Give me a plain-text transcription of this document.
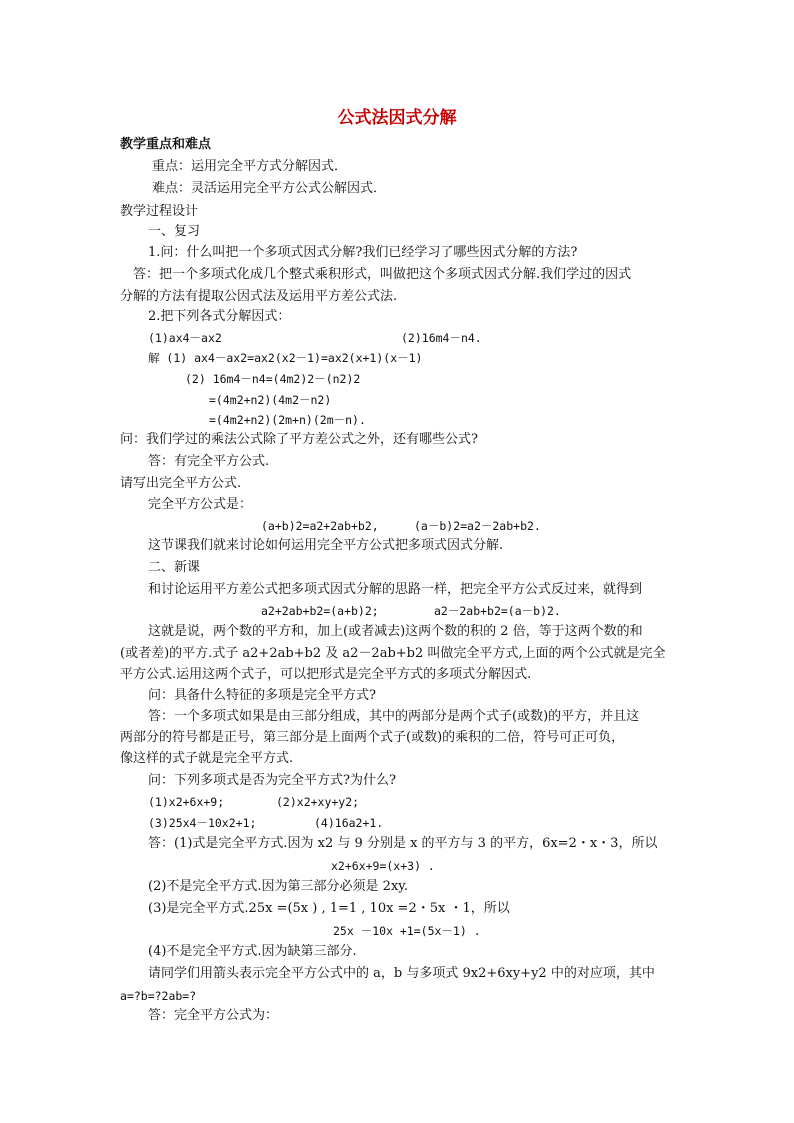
公式法因式分解
教学重点和难点
重点：运用完全平方式分解因式．
难点：灵活运用完全平方公式公解因式．
教学过程设计
一、复习
1.问：什么叫把一个多项式因式分解?我们已经学习了哪些因式分解的方法?
答：把一个多项式化成几个整式乘积形式，叫做把这个多项式因式分解.我们学过的因式
分解的方法有提取公因式法及运用平方差公式法.
2.把下列各式分解因式：
(1)ax4－ax2	(2)16m4－n4.
解 (1) ax4－ax2=ax2(x2－1)=ax2(x+1)(x－1)
(2) 16m4－n4=(4m2)2－(n2)2
=(4m2+n2)(4m2－n2)
=(4m2+n2)(2m+n)(2m－n).
问：我们学过的乘法公式除了平方差公式之外，还有哪些公式?
答：有完全平方公式.
请写出完全平方公式.
完全平方公式是：
(a+b)2=a2+2ab+b2,	(a－b)2=a2－2ab+b2.
这节课我们就来讨论如何运用完全平方公式把多项式因式分解.
二、新课
和讨论运用平方差公式把多项式因式分解的思路一样，把完全平方公式反过来，就得到
a2+2ab+b2=(a+b)2;	a2－2ab+b2=(a－b)2.
这就是说，两个数的平方和，加上(或者减去)这两个数的积的 2 倍，等于这两个数的和
(或者差)的平方.式子 a2+2ab+b2 及 a2－2ab+b2 叫做完全平方式,上面的两个公式就是完全
平方公式.运用这两个式子，可以把形式是完全平方式的多项式分解因式.
问：具备什么特征的多项是完全平方式?
答：一个多项式如果是由三部分组成，其中的两部分是两个式子(或数)的平方，并且这
两部分的符号都是正号，第三部分是上面两个式子(或数)的乘积的二倍，符号可正可负，
像这样的式子就是完全平方式.
问：下列多项式是否为完全平方式?为什么?
(1)x2+6x+9;	(2)x2+xy+y2;
(3)25x4－10x2+1;	(4)16a2+1.
答：(1)式是完全平方式.因为 x2 与 9 分别是 x 的平方与 3 的平方，6x=2・x・3，所以
x2+6x+9=(x+3) .
(2)不是完全平方式.因为第三部分必须是 2xy.
(3)是完全平方式.25x =(5x ) , 1=1 , 10x =2・5x ・1，所以
25x －10x +1=(5x－1) .
(4)不是完全平方式.因为缺第三部分.
请同学们用箭头表示完全平方公式中的 a，b 与多项式 9x2+6xy+y2 中的对应项，其中
a=?b=?2ab=?
答：完全平方公式为：
